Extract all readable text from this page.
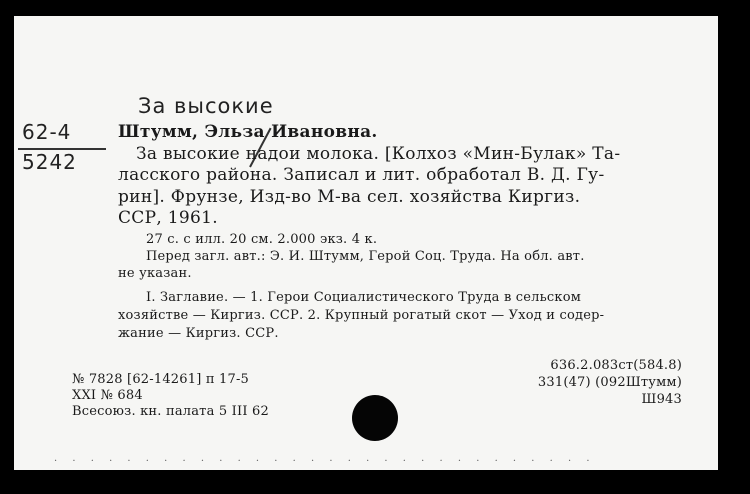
За высокие
62-4
5242
Штумм, Эльза Ивановна.
За высокие надои молока. [Колхоз «Мин-Булак» Та-
ласского района. Записал и лит. обработал В. Д. Гу-
рин]. Фрунзе, Изд-во М-ва сел. хозяйства Киргиз.
ССР, 1961.
27 с. с илл. 20 см. 2.000 экз. 4 к.
Перед загл. авт.: Э. И. Штумм, Герой Соц. Труда. На обл. авт.
не указан.
I. Заглавие. — 1. Герои Социалистического Труда в сельском
хозяйстве — Киргиз. ССР. 2. Крупный рогатый скот — Уход и содер-
жание — Киргиз. ССР.
№ 7828 [62-14261] п 17-5
XXI № 684
Всесоюз. кн. палата 5 III 62
636.2.083ст(584.8)
331(47) (092Штумм)
Ш943
· · · · · · · · · · · · · · · · · · · · · · · · · · · · · ·
